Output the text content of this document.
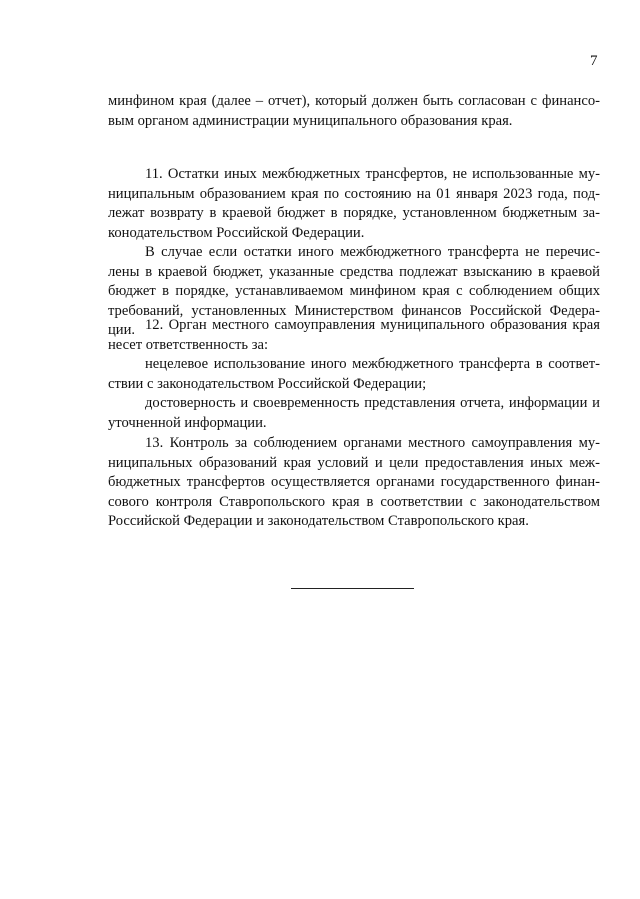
7
минфином края (далее – отчет), который должен быть согласован с финансо-
вым органом администрации муниципального образования края.
11. Остатки иных межбюджетных трансфертов, не использованные му-
ниципальным образованием края по состоянию на 01 января 2023 года, под-
лежат возврату в краевой бюджет в порядке, установленном бюджетным за-
конодательством Российской Федерации.
В случае если остатки иного межбюджетного трансферта не перечис-
лены в краевой бюджет, указанные средства подлежат взысканию в краевой
бюджет в порядке, устанавливаемом минфином края с соблюдением общих
требований, установленных Министерством финансов Российской Федера-
ции. 12. Орган местного самоуправления муниципального образования края
несет ответственность за:
нецелевое использование иного межбюджетного трансферта в соответ-
ствии с законодательством Российской Федерации;
достоверность и своевременность представления отчета, информации и
уточненной информации.
13. Контроль за соблюдением органами местного самоуправления му-
ниципальных образований края условий и цели предоставления иных меж-
бюджетных трансфертов осуществляется органами государственного финан-
сового контроля Ставропольского края в соответствии с законодательством
Российской Федерации и законодательством Ставропольского края.
